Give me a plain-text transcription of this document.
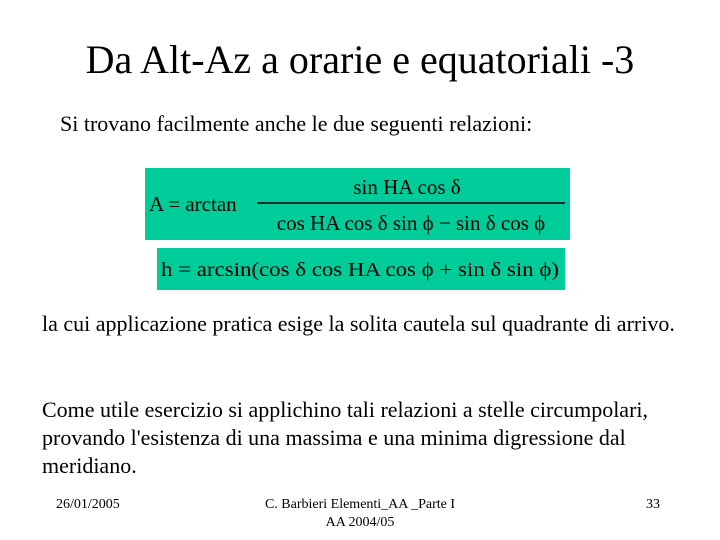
Da Alt-Az a orarie e equatoriali -3
Si trovano facilmente anche le due seguenti relazioni:
A = arctan
sin HA cos δ
cos HA cos δ sin ϕ − sin δ cos ϕ
h = arcsin(cos δ cos HA cos ϕ + sin δ sin ϕ)
la cui applicazione pratica esige la solita cautela sul quadrante di arrivo.
Come utile esercizio si applichino tali relazioni a stelle circumpolari, provando l'esistenza di una massima e una minima digressione dal meridiano.
26/01/2005	C. Barbieri Elementi_AA _Parte I
AA 2004/05
33
